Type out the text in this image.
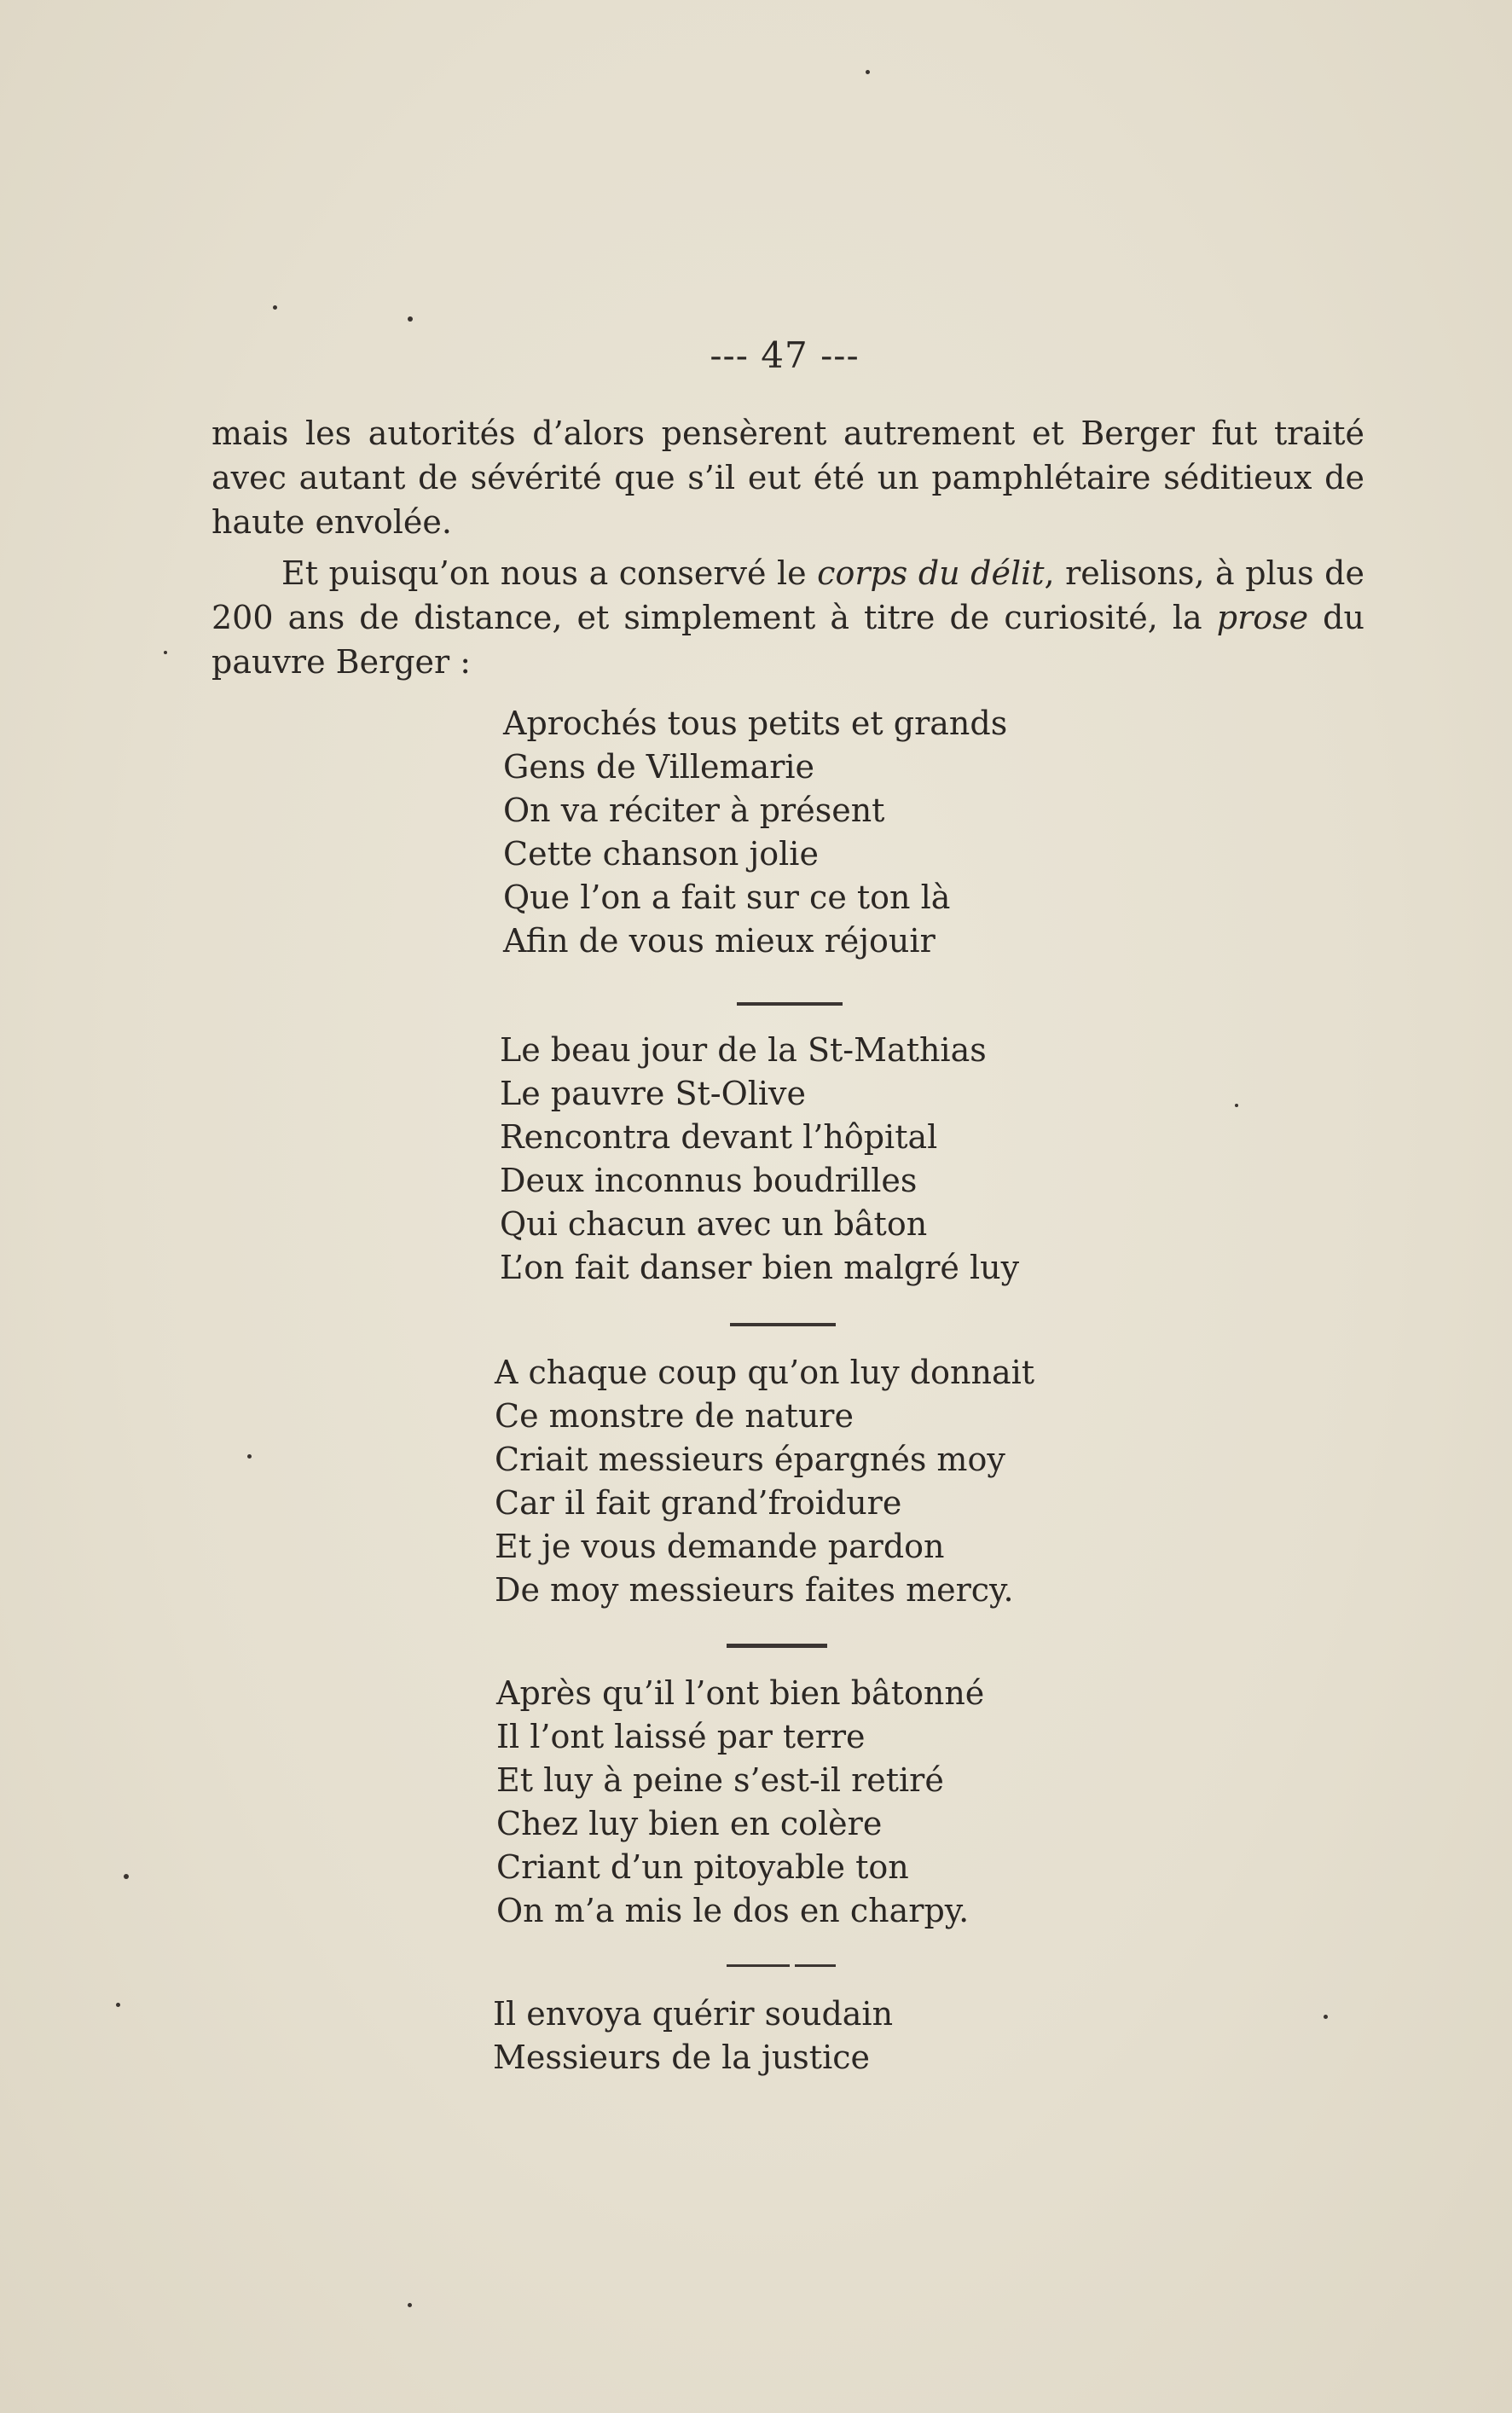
--- 47 ---

mais les autorités d’alors pensèrent autrement et Berger fut traité avec autant de sévérité que s’il eut été un pamphlétaire séditieux de haute envolée.

Et puisqu’on nous a conservé le corps du délit, relisons, à plus de 200 ans de distance, et simplement à titre de curiosité, la prose du pauvre Berger :

Aprochés tous petits et grands
Gens de Villemarie
On va réciter à présent
Cette chanson jolie
Que l’on a fait sur ce ton là
Afin de vous mieux réjouir
Le beau jour de la St-Mathias
Le pauvre St-Olive
Rencontra devant l’hôpital
Deux inconnus boudrilles
Qui chacun avec un bâton
L’on fait danser bien malgré luy
A chaque coup qu’on luy donnait
Ce monstre de nature
Criait messieurs épargnés moy
Car il fait grand’froidure
Et je vous demande pardon
De moy messieurs faites mercy.
Après qu’il l’ont bien bâtonné
Il l’ont laissé par terre
Et luy à peine s’est-il retiré
Chez luy bien en colère
Criant d’un pitoyable ton
On m’a mis le dos en charpy.
Il envoya quérir soudain
Messieurs de la justice
